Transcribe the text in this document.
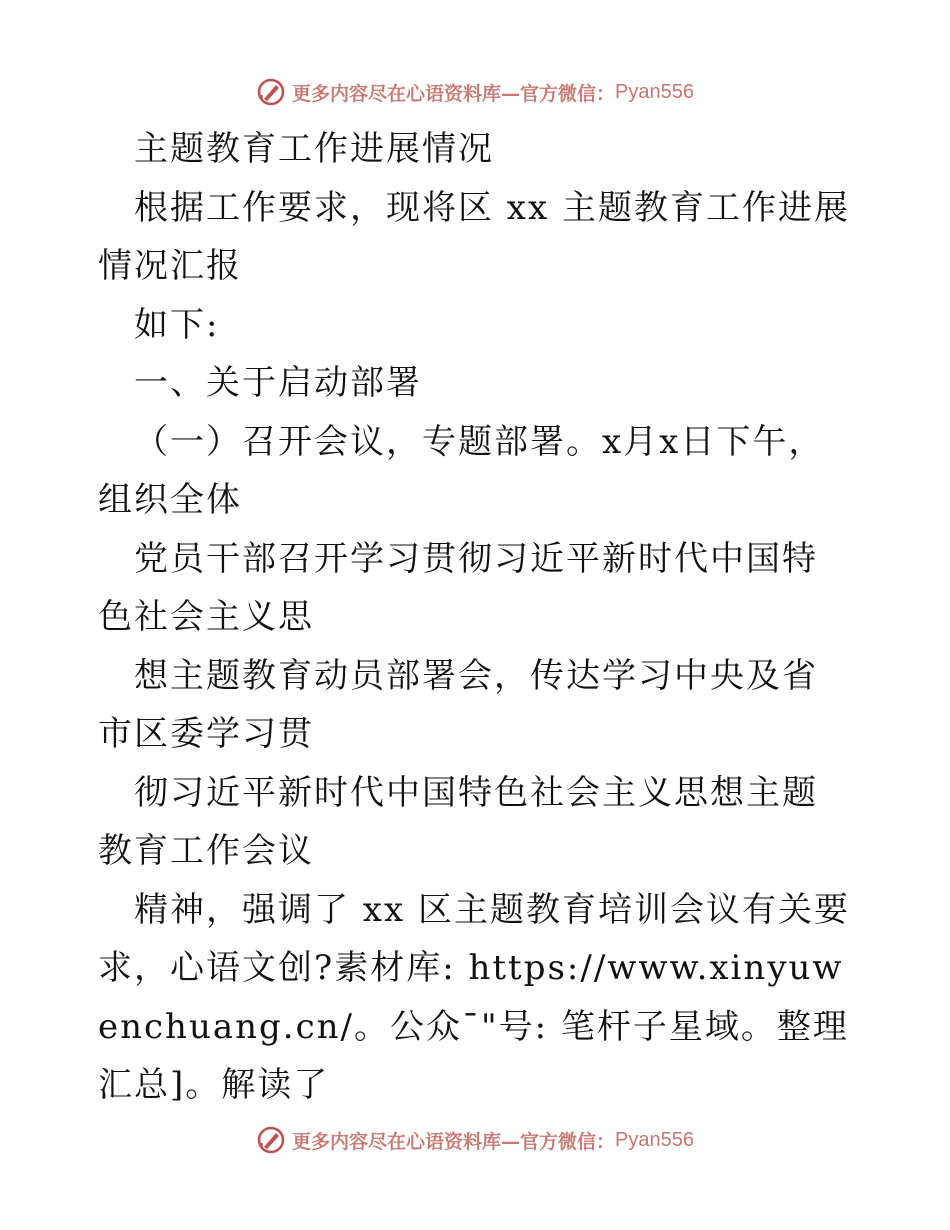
更多内容尽在心语资料库—官方微信： Pyan556

主题教育工作进展情况

根据工作要求，现将区 xx 主题教育工作进展情况汇报

如下:

一、关于启动部署

（一）召开会议，专题部署。x月x日下午，组织全体

党员干部召开学习贯彻习近平新时代中国特色社会主义思

想主题教育动员部署会，传达学习中央及省市区委学习贯

彻习近平新时代中国特色社会主义思想主题教育工作会议

精神，强调了 xx 区主题教育培训会议有关要求，心语文创?素材库: https://www.xinyuwenchuang.cn/。公众¯"号: 笔杆子星域。整理汇总]。解读了

更多内容尽在心语资料库—官方微信： Pyan556
